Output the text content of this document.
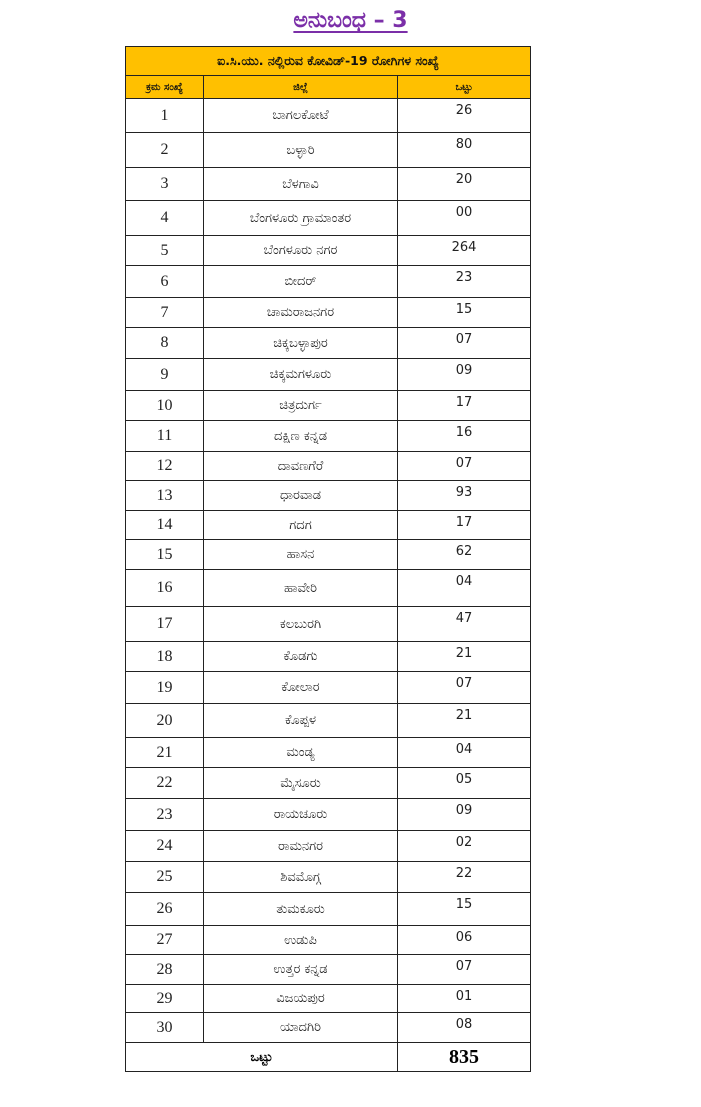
ಅನುಬಂಧ – 3
ಐ.ಸಿ.ಯು. ನಲ್ಲಿರುವ ಕೋವಿಡ್-19 ರೋಗಿಗಳ ಸಂಖ್ಯೆ		
ಕ್ರಮ ಸಂಖ್ಯೆ	ಜಿಲ್ಲೆ	ಒಟ್ಟು
1	ಬಾಗಲಕೋಟೆ	26
2	ಬಳ್ಳಾರಿ	80
3	ಬೆಳಗಾವಿ	20
4	ಬೆಂಗಳೂರು ಗ್ರಾಮಾಂತರ	00
5	ಬೆಂಗಳೂರು ನಗರ	264
6	ಬೀದರ್	23
7	ಚಾಮರಾಜನಗರ	15
8	ಚಿಕ್ಕಬಳ್ಳಾಪುರ	07
9	ಚಿಕ್ಕಮಗಳೂರು	09
10	ಚಿತ್ರದುರ್ಗ	17
11	ದಕ್ಷಿಣ ಕನ್ನಡ	16
12	ದಾವಣಗೆರೆ	07
13	ಧಾರವಾಡ	93
14	ಗದಗ	17
15	ಹಾಸನ	62
16	ಹಾವೇರಿ	04
17	ಕಲಬುರಗಿ	47
18	ಕೊಡಗು	21
19	ಕೋಲಾರ	07
20	ಕೊಪ್ಪಳ	21
21	ಮಂಡ್ಯ	04
22	ಮೈಸೂರು	05
23	ರಾಯಚೂರು	09
24	ರಾಮನಗರ	02
25	ಶಿವಮೊಗ್ಗ	22
26	ತುಮಕೂರು	15
27	ಉಡುಪಿ	06
28	ಉತ್ತರ ಕನ್ನಡ	07
29	ವಿಜಯಪುರ	01
30	ಯಾದಗಿರಿ	08
ಒಟ್ಟು		835
